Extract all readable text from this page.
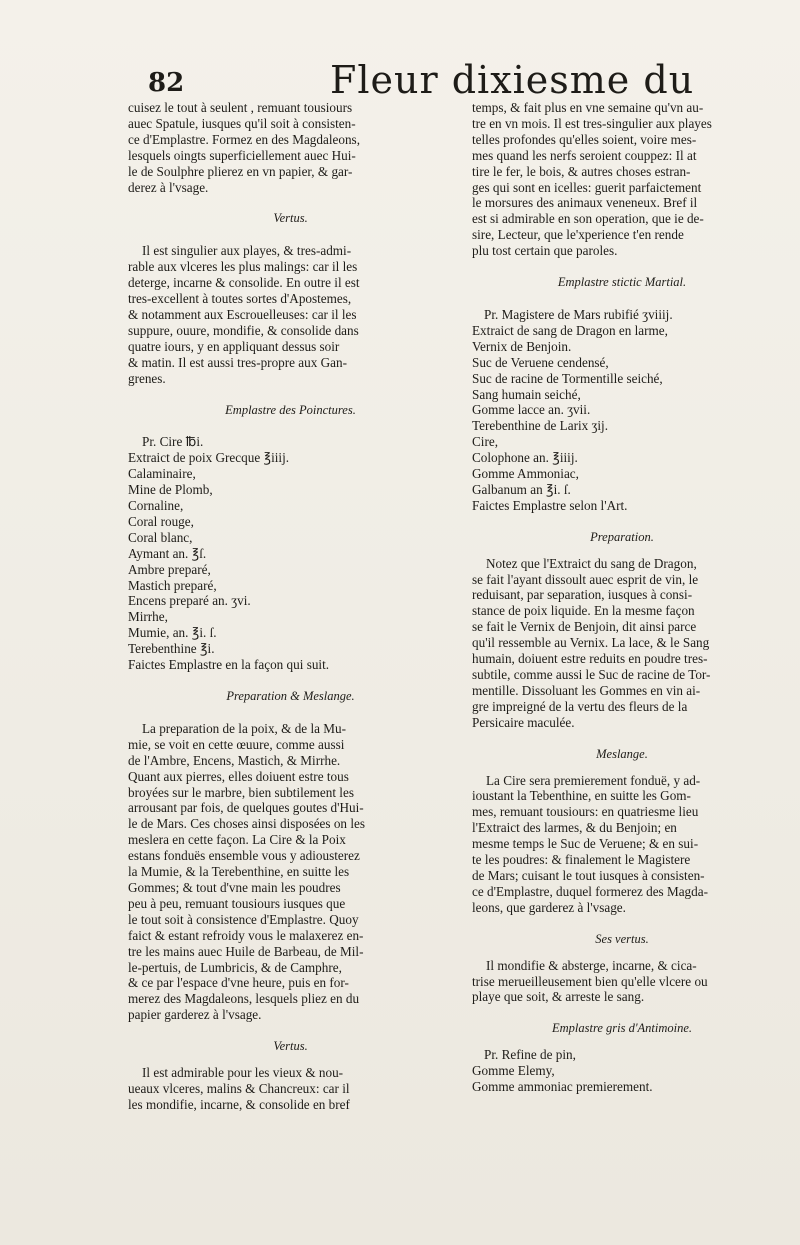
82	Fleur dixiesme du

cuisez le tout à seulent , remuant tousiours

auec Spatule, iusques qu'il soit à consisten-

ce d'Emplastre. Formez en des Magdaleons,

lesquels oingts superficiellement auec Hui-

le de Soulphre plierez en vn papier, & gar-

derez à l'vsage.

Vertus.

Il est singulier aux playes, & tres-admi-

rable aux vlceres les plus malings: car il les

deterge, incarne & consolide. En outre il est

tres-excellent à toutes sortes d'Apostemes,

& notamment aux Escrouelleuses: car il les

suppure, ouure, mondifie, & consolide dans

quatre iours, y en appliquant dessus soir

& matin. Il est aussi tres-propre aux Gan-

grenes.

Emplastre des Poinctures.

Pr. Cire ℔i.

Extraict de poix Grecque ℥iiij.

Calaminaire,

Mine de Plomb,

Cornaline,

Coral rouge,

Coral blanc,

Aymant an. ℥ſ.

Ambre preparé,

Mastich preparé,

Encens preparé an. ʒvi.

Mirrhe,

Mumie, an. ℥i. ſ.

Terebenthine ℥i.

Faictes Emplastre en la façon qui suit.

Preparation & Meslange.

La preparation de la poix, & de la Mu-

mie, se voit en cette œuure, comme aussi

de l'Ambre, Encens, Mastich, & Mirrhe.

Quant aux pierres, elles doiuent estre tous

broyées sur le marbre, bien subtilement les

arrousant par fois, de quelques goutes d'Hui-

le de Mars. Ces choses ainsi disposées on les

meslera en cette façon. La Cire & la Poix

estans fonduës ensemble vous y adiousterez

la Mumie, & la Terebenthine, en suitte les

Gommes; & tout d'vne main les poudres

peu à peu, remuant tousiours iusques que

le tout soit à consistence d'Emplastre. Quoy

faict & estant refroidy vous le malaxerez en-

tre les mains auec Huile de Barbeau, de Mil-

le-pertuis, de Lumbricis, & de Camphre,

& ce par l'espace d'vne heure, puis en for-

merez des Magdaleons, lesquels pliez en du

papier garderez à l'vsage.

Vertus.

Il est admirable pour les vieux & nou-

ueaux vlceres, malins & Chancreux: car il

les mondifie, incarne, & consolide en bref

temps, & fait plus en vne semaine qu'vn au-

tre en vn mois. Il est tres-singulier aux playes

telles profondes qu'elles soient, voire mes-

mes quand les nerfs seroient couppez: Il at

tire le fer, le bois, & autres choses estran-

ges qui sont en icelles: guerit parfaictement

le morsures des animaux veneneux. Bref il

est si admirable en son operation, que ie de-

sire, Lecteur, que le'xperience t'en rende

plu tost certain que paroles.

Emplastre stictic Martial.

Pr. Magistere de Mars rubifié ʒviiij.

Extraict de sang de Dragon en larme,

Vernix de Benjoin.

Suc de Veruene cendensé,

Suc de racine de Tormentille seiché,

Sang humain seiché,

Gomme lacce an. ʒvii.

Terebenthine de Larix ʒij.

Cire,

Colophone an. ℥iiij.

Gomme Ammoniac,

Galbanum an ℥i. ſ.

Faictes Emplastre selon l'Art.

Preparation.

Notez que l'Extraict du sang de Dragon,

se fait l'ayant dissoult auec esprit de vin, le

reduisant, par separation, iusques à consi-

stance de poix liquide. En la mesme façon

se fait le Vernix de Benjoin, dit ainsi parce

qu'il ressemble au Vernix. La lace, & le Sang

humain, doiuent estre reduits en poudre tres-

subtile, comme aussi le Suc de racine de Tor-

mentille. Dissoluant les Gommes en vin ai-

gre impreigné de la vertu des fleurs de la

Persicaire maculée.

Meslange.

La Cire sera premierement fonduë, y ad-

ioustant la Tebenthine, en suitte les Gom-

mes, remuant tousiours: en quatriesme lieu

l'Extraict des larmes, & du Benjoin; en

mesme temps le Suc de Veruene; & en sui-

te les poudres: & finalement le Magistere

de Mars; cuisant le tout iusques à consisten-

ce d'Emplastre, duquel formerez des Magda-

leons, que garderez à l'vsage.

Ses vertus.

Il mondifie & absterge, incarne, & cica-

trise merueilleusement bien qu'elle vlcere ou

playe que soit, & arreste le sang.

Emplastre gris d'Antimoine.

Pr. Refine de pin,

Gomme Elemy,

Gomme ammoniac premierement.
